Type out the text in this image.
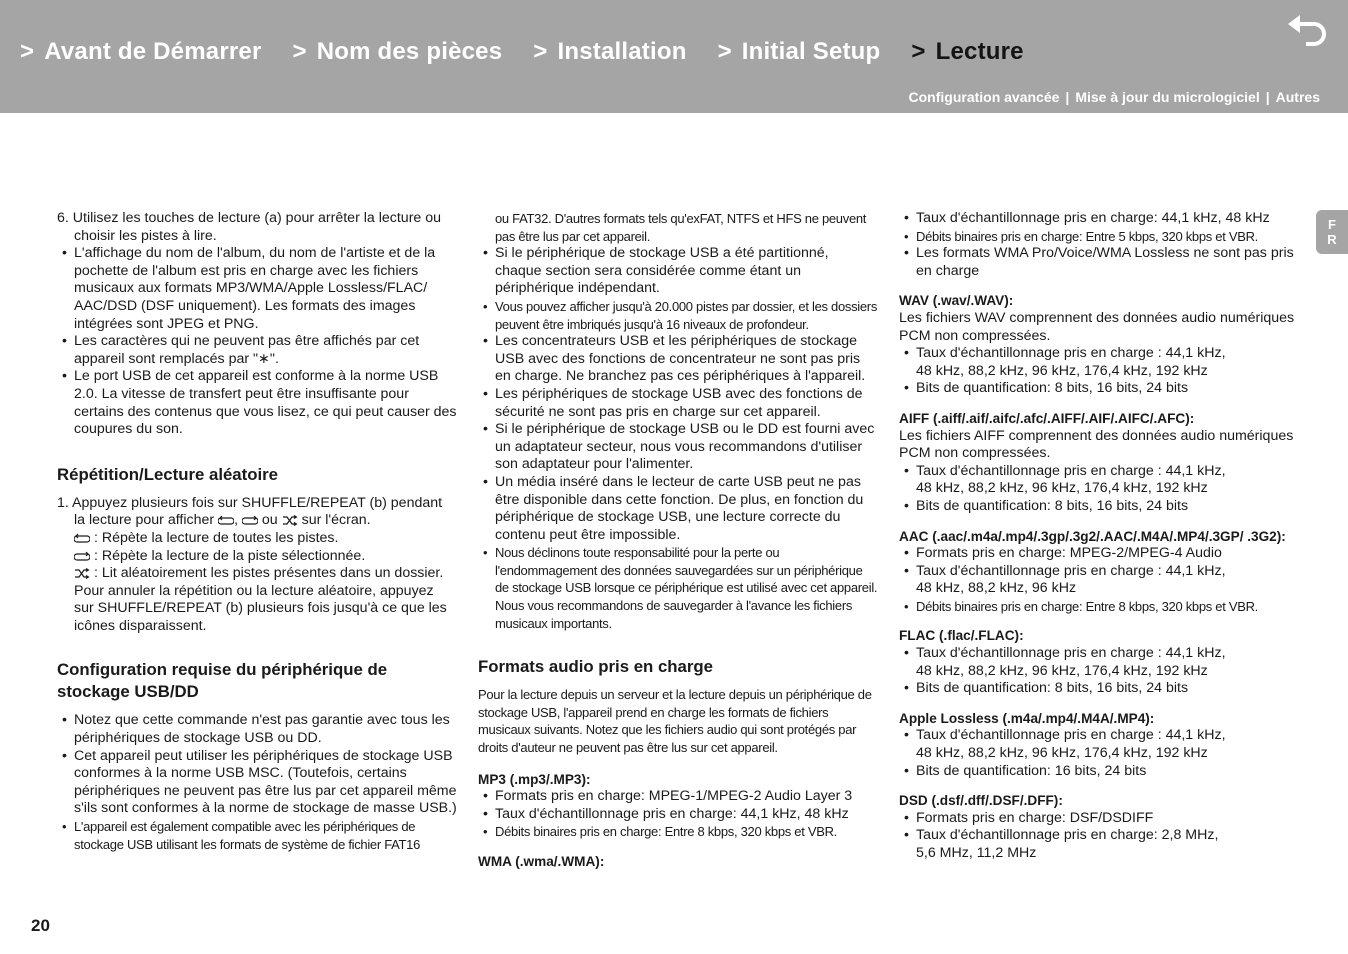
> Avant de Démarrer > Nom des pièces > Installation > Initial Setup > Lecture
Configuration avancée | Mise à jour du micrologiciel | Autres
F
R

6. Utilisez les touches de lecture (a) pour arrêter la lecture ou choisir les pistes à lire.

• L'affichage du nom de l'album, du nom de l'artiste et de la pochette de l'album est pris en charge avec les fichiers musicaux aux formats MP3/WMA/Apple Lossless/FLAC/ AAC/DSD (DSF uniquement). Les formats des images intégrées sont JPEG et PNG.

• Les caractères qui ne peuvent pas être affichés par cet appareil sont remplacés par "∗".

• Le port USB de cet appareil est conforme à la norme USB 2.0. La vitesse de transfert peut être insuffisante pour certains des contenus que vous lisez, ce qui peut causer des coupures du son.

Répétition/Lecture aléatoire

1. Appuyez plusieurs fois sur SHUFFLE/REPEAT (b) pendant la lecture pour afficher ,  ou sur l'écran.

: Répète la lecture de toutes les pistes.

: Répète la lecture de la piste sélectionnée.

: Lit aléatoirement les pistes présentes dans un dossier.

Pour annuler la répétition ou la lecture aléatoire, appuyez sur SHUFFLE/REPEAT (b) plusieurs fois jusqu'à ce que les icônes disparaissent.

Configuration requise du périphérique de stockage USB/DD

• Notez que cette commande n'est pas garantie avec tous les périphériques de stockage USB ou DD.

• Cet appareil peut utiliser les périphériques de stockage USB conformes à la norme USB MSC. (Toutefois, certains périphériques ne peuvent pas être lus par cet appareil même s'ils sont conformes à la norme de stockage de masse USB.)

• L'appareil est également compatible avec les périphériques de stockage USB utilisant les formats de système de fichier FAT16

ou FAT32. D'autres formats tels qu'exFAT, NTFS et HFS ne peuvent pas être lus par cet appareil.

• Si le périphérique de stockage USB a été partitionné, chaque section sera considérée comme étant un périphérique indépendant.

• Vous pouvez afficher jusqu'à 20.000 pistes par dossier, et les dossiers peuvent être imbriqués jusqu'à 16 niveaux de profondeur.

• Les concentrateurs USB et les périphériques de stockage USB avec des fonctions de concentrateur ne sont pas pris en charge. Ne branchez pas ces périphériques à l'appareil.

• Les périphériques de stockage USB avec des fonctions de sécurité ne sont pas pris en charge sur cet appareil.

• Si le périphérique de stockage USB ou le DD est fourni avec un adaptateur secteur, nous vous recommandons d'utiliser son adaptateur pour l'alimenter.

• Un média inséré dans le lecteur de carte USB peut ne pas être disponible dans cette fonction. De plus, en fonction du périphérique de stockage USB, une lecture correcte du contenu peut être impossible.

• Nous déclinons toute responsabilité pour la perte ou l'endommagement des données sauvegardées sur un périphérique de stockage USB lorsque ce périphérique est utilisé avec cet appareil. Nous vous recommandons de sauvegarder à l'avance les fichiers musicaux importants.

Formats audio pris en charge

Pour la lecture depuis un serveur et la lecture depuis un périphérique de stockage USB, l'appareil prend en charge les formats de fichiers musicaux suivants. Notez que les fichiers audio qui sont protégés par droits d'auteur ne peuvent pas être lus sur cet appareil.

MP3 (.mp3/.MP3):

• Formats pris en charge: MPEG-1/MPEG-2 Audio Layer 3

• Taux d'échantillonnage pris en charge: 44,1 kHz, 48 kHz

• Débits binaires pris en charge: Entre 8 kbps, 320 kbps et VBR.

WMA (.wma/.WMA):

• Taux d'échantillonnage pris en charge: 44,1 kHz, 48 kHz

• Débits binaires pris en charge: Entre 5 kbps, 320 kbps et VBR.

• Les formats WMA Pro/Voice/WMA Lossless ne sont pas pris en charge

WAV (.wav/.WAV):

Les fichiers WAV comprennent des données audio numériques PCM non compressées.

• Taux d'échantillonnage pris en charge : 44,1 kHz,

48 kHz, 88,2 kHz, 96 kHz, 176,4 kHz, 192 kHz

• Bits de quantification: 8 bits, 16 bits, 24 bits

AIFF (.aiff/.aif/.aifc/.afc/.AIFF/.AIF/.AIFC/.AFC):

Les fichiers AIFF comprennent des données audio numériques PCM non compressées.

• Taux d'échantillonnage pris en charge : 44,1 kHz,

48 kHz, 88,2 kHz, 96 kHz, 176,4 kHz, 192 kHz

• Bits de quantification: 8 bits, 16 bits, 24 bits

AAC (.aac/.m4a/.mp4/.3gp/.3g2/.AAC/.M4A/.MP4/.3GP/ .3G2):

• Formats pris en charge: MPEG-2/MPEG-4 Audio

• Taux d'échantillonnage pris en charge : 44,1 kHz,

48 kHz, 88,2 kHz, 96 kHz

• Débits binaires pris en charge: Entre 8 kbps, 320 kbps et VBR.

FLAC (.flac/.FLAC):

• Taux d'échantillonnage pris en charge : 44,1 kHz,

48 kHz, 88,2 kHz, 96 kHz, 176,4 kHz, 192 kHz

• Bits de quantification: 8 bits, 16 bits, 24 bits

Apple Lossless (.m4a/.mp4/.M4A/.MP4):

• Taux d'échantillonnage pris en charge : 44,1 kHz,

48 kHz, 88,2 kHz, 96 kHz, 176,4 kHz, 192 kHz

• Bits de quantification: 16 bits, 24 bits

DSD (.dsf/.dff/.DSF/.DFF):

• Formats pris en charge: DSF/DSDIFF

• Taux d'échantillonnage pris en charge: 2,8 MHz,

5,6 MHz, 11,2 MHz

20
